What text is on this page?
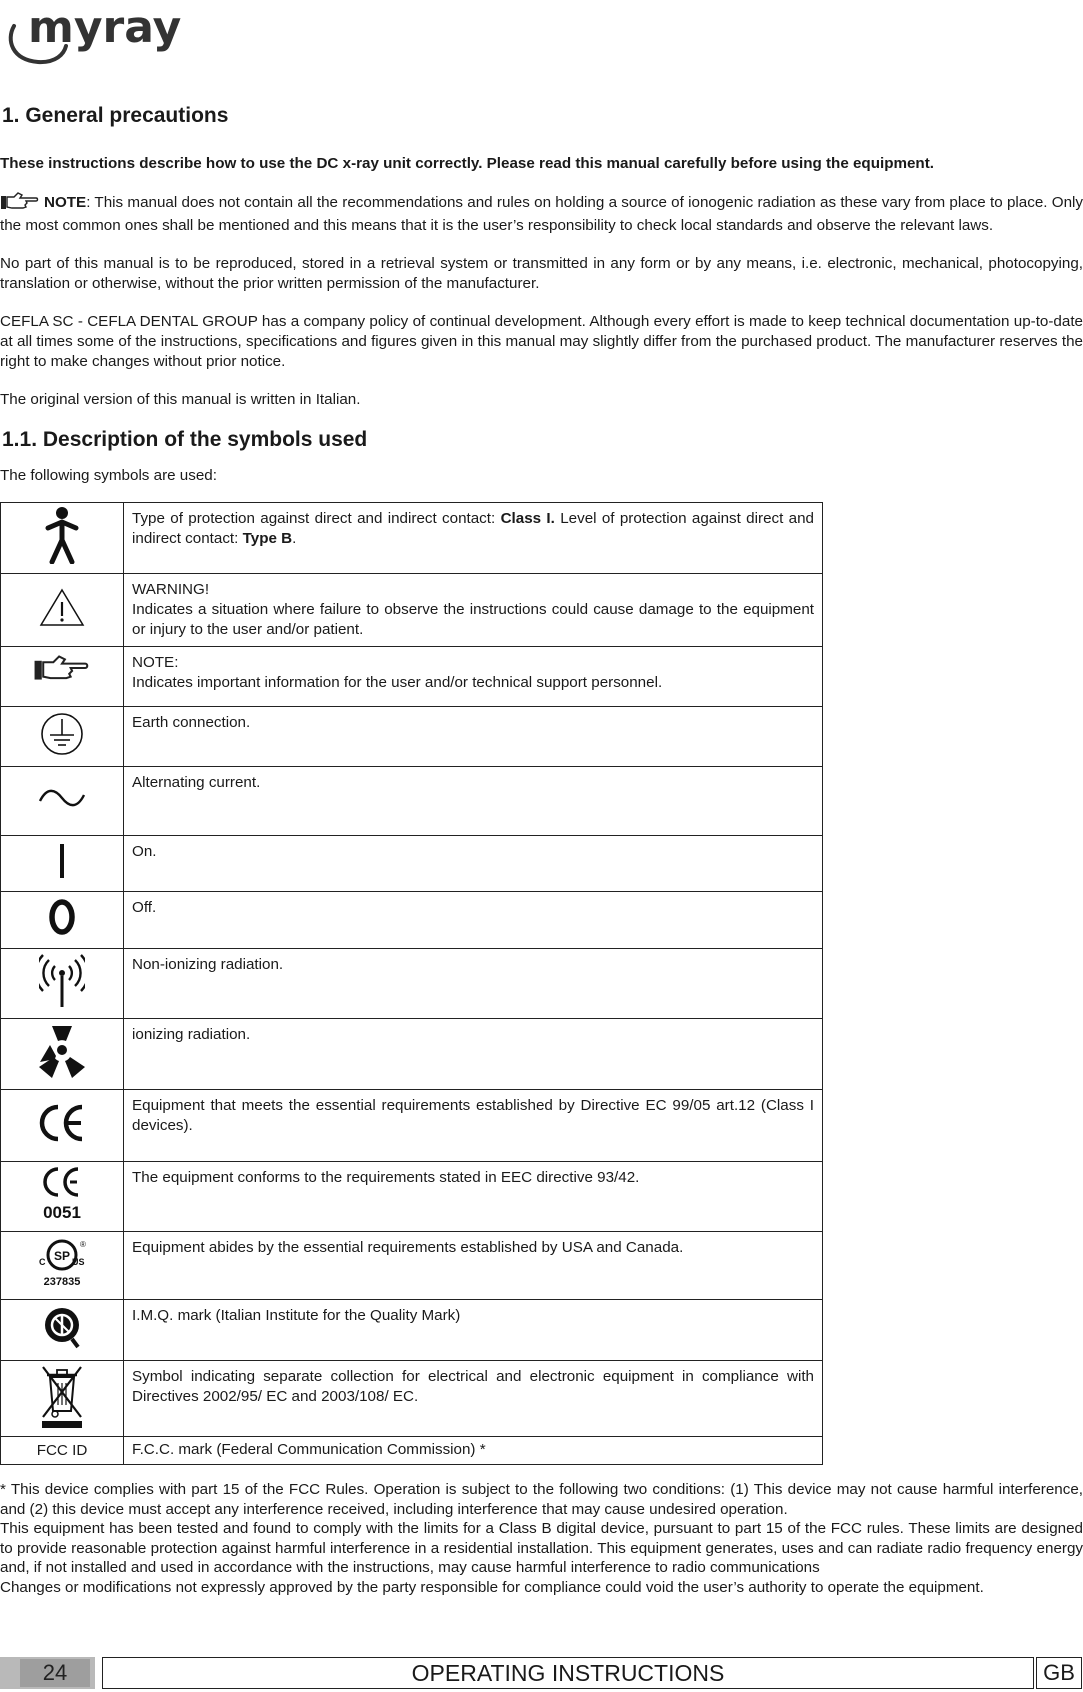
myray
1. General precautions

These instructions describe how to use the DC x-ray unit correctly. Please read this manual carefully before using the equipment.

NOTE: This manual does not contain all the recommendations and rules on holding a source of ionogenic radiation as these vary from place to place. Only the most common ones shall be mentioned and this means that it is the user’s responsibility to check local standards and observe the relevant laws.

No part of this manual is to be reproduced, stored in a retrieval system or transmitted in any form or by any means, i.e. electronic, mechanical, photocopying, translation or otherwise, without the prior written permission of the manufacturer.

CEFLA SC - CEFLA DENTAL GROUP has a company policy of continual development. Although every effort is made to keep technical documentation up-to-date at all times some of the instructions, specifications and figures given in this manual may slightly differ from the purchased product. The manufacturer reserves the right to make changes without prior notice.

The original version of this manual is written in Italian.

1.1. Description of the symbols used

The following symbols are used:

	Type of protection against direct and indirect contact: Class I. Level of protection against direct and indirect contact: Type B.

WARNING!
Indicates a situation where failure to observe the instructions could cause damage to the equipment or injury to the user and/or patient.

NOTE:
Indicates important information for the user and/or technical support personnel.

	Earth connection.
	Alternating current.
	On.
	Off.
	Non-ionizing radiation.
	ionizing radiation.
	Equipment that meets the essential requirements established by Directive EC 99/05 art.12 (Class I devices).

0051	The equipment conforms to the requirements stated in EEC directive 93/42.

SP
C US
®
237835	Equipment abides by the essential requirements established by USA and Canada.
	I.M.Q. mark (Italian Institute for the Quality Mark)
	Symbol indicating separate collection for electrical and electronic equipment in compliance with Directives 2002/95/ EC and 2003/108/ EC.
FCC ID	F.C.C. mark (Federal Communication Commission) *

* This device complies with part 15 of the FCC Rules. Operation is subject to the following two conditions: (1) This device may not cause harmful interference, and (2) this device must accept any interference received, including interference that may cause undesired operation.

This equipment has been tested and found to comply with the limits for a Class B digital device, pursuant to part 15 of the FCC rules. These limits are designed to provide reasonable protection against harmful interference in a residential installation. This equipment generates, uses and can radiate radio frequency energy and, if not installed and used in accordance with the instructions, may cause harmful interference to radio communications

Changes or modifications not expressly approved by the party responsible for compliance could void the user’s authority to operate the equipment.

24	OPERATING INSTRUCTIONS	GB
